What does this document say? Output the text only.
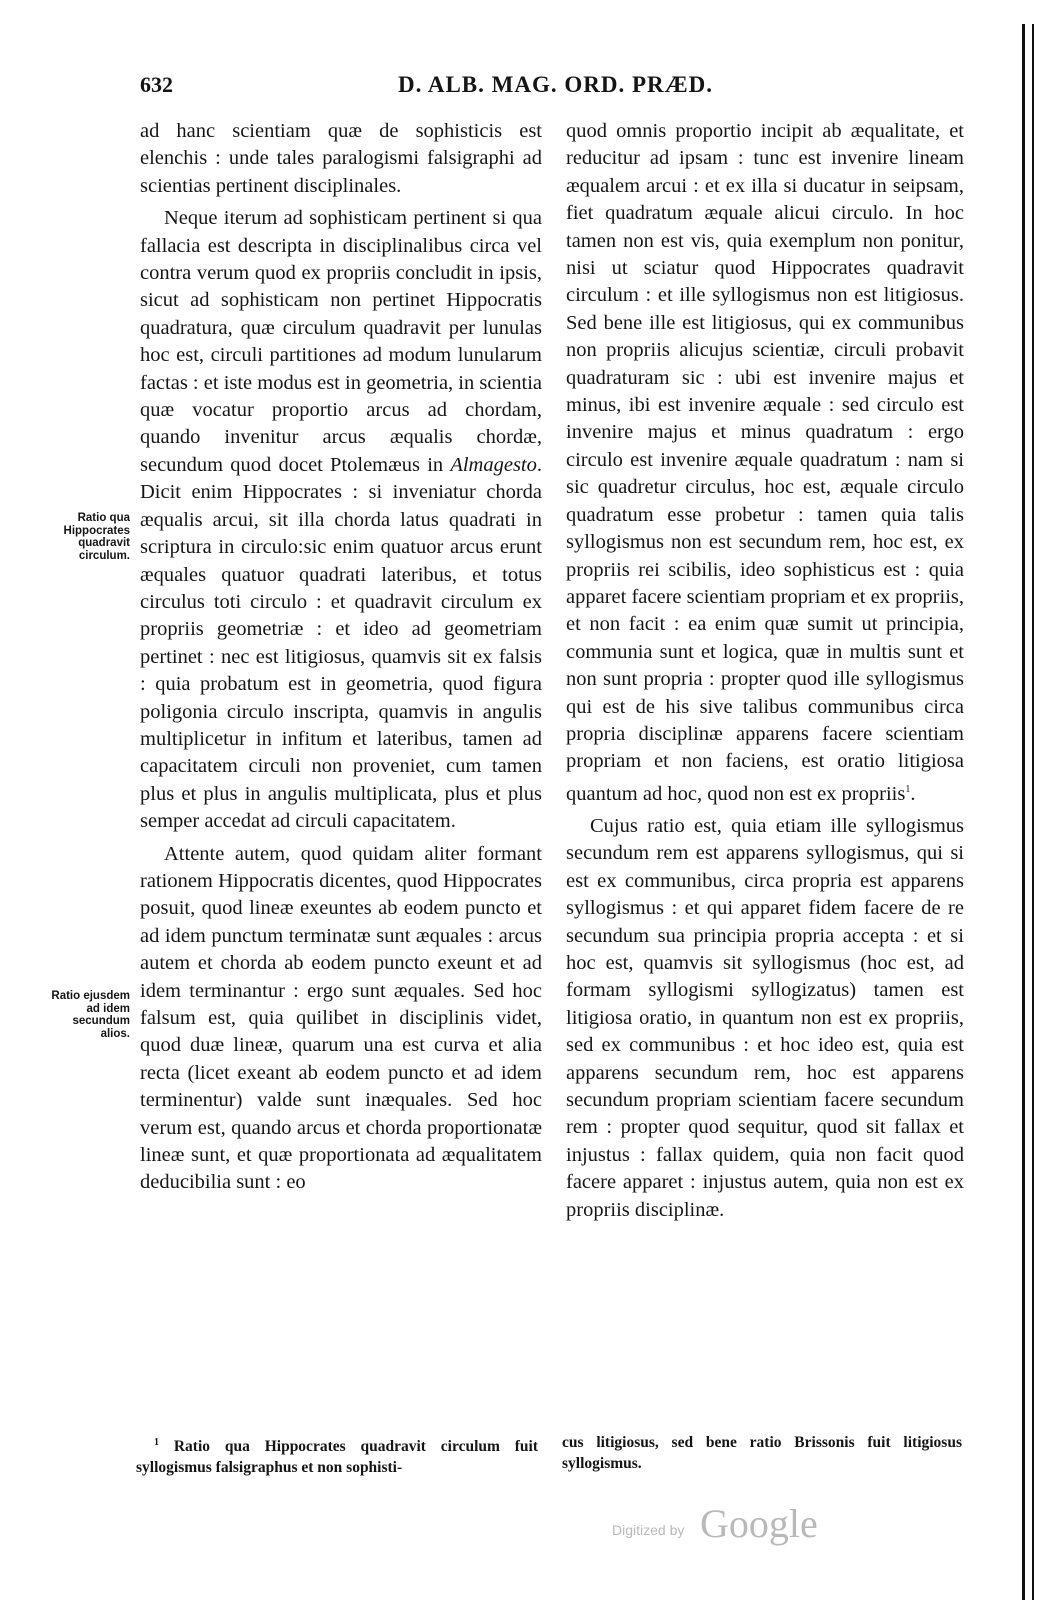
632	D. ALB. MAG. ORD. PRÆD.
Ratio qua Hippocrates quadravit circulum.
Ratio ejusdem ad idem secundum alios.

ad hanc scientiam quæ de sophisticis est elenchis : unde tales paralogismi falsigraphi ad scientias pertinent disciplinales.

Neque iterum ad sophisticam pertinent si qua fallacia est descripta in disciplinalibus circa vel contra verum quod ex propriis concludit in ipsis, sicut ad sophisticam non pertinet Hippocratis quadratura, quæ circulum quadravit per lunulas hoc est, circuli partitiones ad modum lunularum factas : et iste modus est in geometria, in scientia quæ vocatur proportio arcus ad chordam, quando invenitur arcus æqualis chordæ, secundum quod docet Ptolemæus in Almagesto. Dicit enim Hippocrates : si inveniatur chorda æqualis arcui, sit illa chorda latus quadrati in scriptura in circulo:sic enim quatuor arcus erunt æquales quatuor quadrati lateribus, et totus circulus toti circulo : et quadravit circulum ex propriis geometriæ : et ideo ad geometriam pertinet : nec est litigiosus, quamvis sit ex falsis : quia probatum est in geometria, quod figura poligonia circulo inscripta, quamvis in angulis multiplicetur in infitum et lateribus, tamen ad capacitatem circuli non proveniet, cum tamen plus et plus in angulis multiplicata, plus et plus semper accedat ad circuli capacitatem.

Attente autem, quod quidam aliter formant rationem Hippocratis dicentes, quod Hippocrates posuit, quod lineæ exeuntes ab eodem puncto et ad idem punctum terminatæ sunt æquales : arcus autem et chorda ab eodem puncto exeunt et ad idem terminantur : ergo sunt æquales. Sed hoc falsum est, quia quilibet in disciplinis videt, quod duæ lineæ, quarum una est curva et alia recta (licet exeant ab eodem puncto et ad idem terminentur) valde sunt inæquales. Sed hoc verum est, quando arcus et chorda proportionatæ lineæ sunt, et quæ proportionata ad æqualitatem deducibilia sunt : eo

quod omnis proportio incipit ab æqualitate, et reducitur ad ipsam : tunc est invenire lineam æqualem arcui : et ex illa si ducatur in seipsam, fiet quadratum æquale alicui circulo. In hoc tamen non est vis, quia exemplum non ponitur, nisi ut sciatur quod Hippocrates quadravit circulum : et ille syllogismus non est litigiosus. Sed bene ille est litigiosus, qui ex communibus non propriis alicujus scientiæ, circuli probavit quadraturam sic : ubi est invenire majus et minus, ibi est invenire æquale : sed circulo est invenire majus et minus quadratum : ergo circulo est invenire æquale quadratum : nam si sic quadretur circulus, hoc est, æquale circulo quadratum esse probetur : tamen quia talis syllogismus non est secundum rem, hoc est, ex propriis rei scibilis, ideo sophisticus est : quia apparet facere scientiam propriam et ex propriis, et non facit : ea enim quæ sumit ut principia, communia sunt et logica, quæ in multis sunt et non sunt propria : propter quod ille syllogismus qui est de his sive talibus communibus circa propria disciplinæ apparens facere scientiam propriam et non faciens, est oratio litigiosa quantum ad hoc, quod non est ex propriis$^1$.

Cujus ratio est, quia etiam ille syllogismus secundum rem est apparens syllogismus, qui si est ex communibus, circa propria est apparens syllogismus : et qui apparet fidem facere de re secundum sua principia propria accepta : et si hoc est, quamvis sit syllogismus (hoc est, ad formam syllogismi syllogizatus) tamen est litigiosa oratio, in quantum non est ex propriis, sed ex communibus : et hoc ideo est, quia est apparens secundum rem, hoc est apparens secundum propriam scientiam facere secundum rem : propter quod sequitur, quod sit fallax et injustus : fallax quidem, quia non facit quod facere apparet : injustus autem, quia non est ex propriis disciplinæ.

$^1$ Ratio qua Hippocrates quadravit circulum fuit syllogismus falsigraphus et non sophisti-
cus litigiosus, sed bene ratio Brissonis fuit litigiosus syllogismus.
Digitized by Google
